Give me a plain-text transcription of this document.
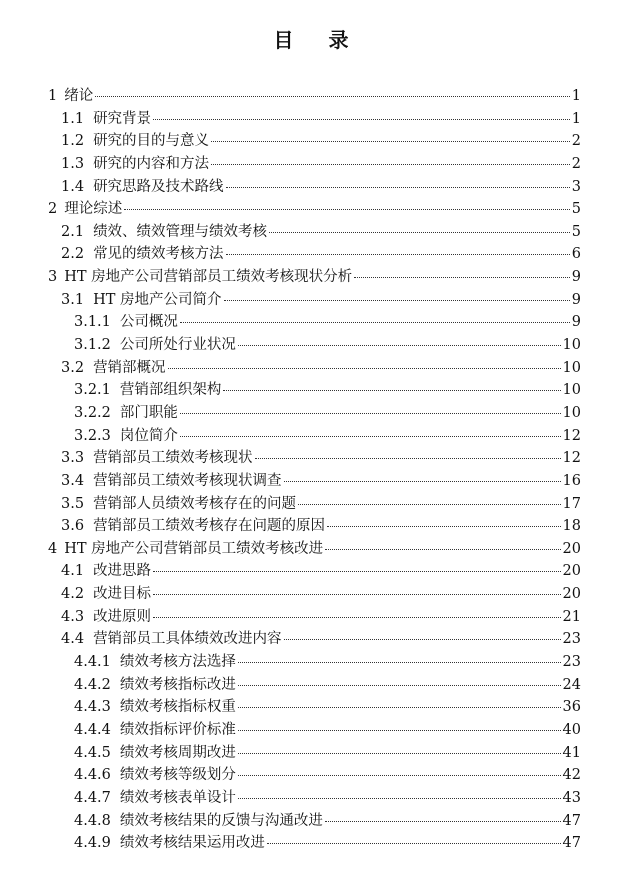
目 录
1 绪论	1
1.1 研究背景	1
1.2 研究的目的与意义	2
1.3 研究的内容和方法	2
1.4 研究思路及技术路线	3
2 理论综述	5
2.1 绩效、绩效管理与绩效考核	5
2.2 常见的绩效考核方法	6
3 HT 房地产公司营销部员工绩效考核现状分析	9
3.1 HT 房地产公司简介	9
3.1.1 公司概况	9
3.1.2 公司所处行业状况	10
3.2 营销部概况	10
3.2.1 营销部组织架构	10
3.2.2 部门职能	10
3.2.3 岗位简介	12
3.3 营销部员工绩效考核现状	12
3.4 营销部员工绩效考核现状调查	16
3.5 营销部人员绩效考核存在的问题	17
3.6 营销部员工绩效考核存在问题的原因	18
4 HT 房地产公司营销部员工绩效考核改进	20
4.1 改进思路	20
4.2 改进目标	20
4.3 改进原则	21
4.4 营销部员工具体绩效改进内容	23
4.4.1 绩效考核方法选择	23
4.4.2 绩效考核指标改进	24
4.4.3 绩效考核指标权重	36
4.4.4 绩效指标评价标准	40
4.4.5 绩效考核周期改进	41
4.4.6 绩效考核等级划分	42
4.4.7 绩效考核表单设计	43
4.4.8 绩效考核结果的反馈与沟通改进	47
4.4.9 绩效考核结果运用改进	47
